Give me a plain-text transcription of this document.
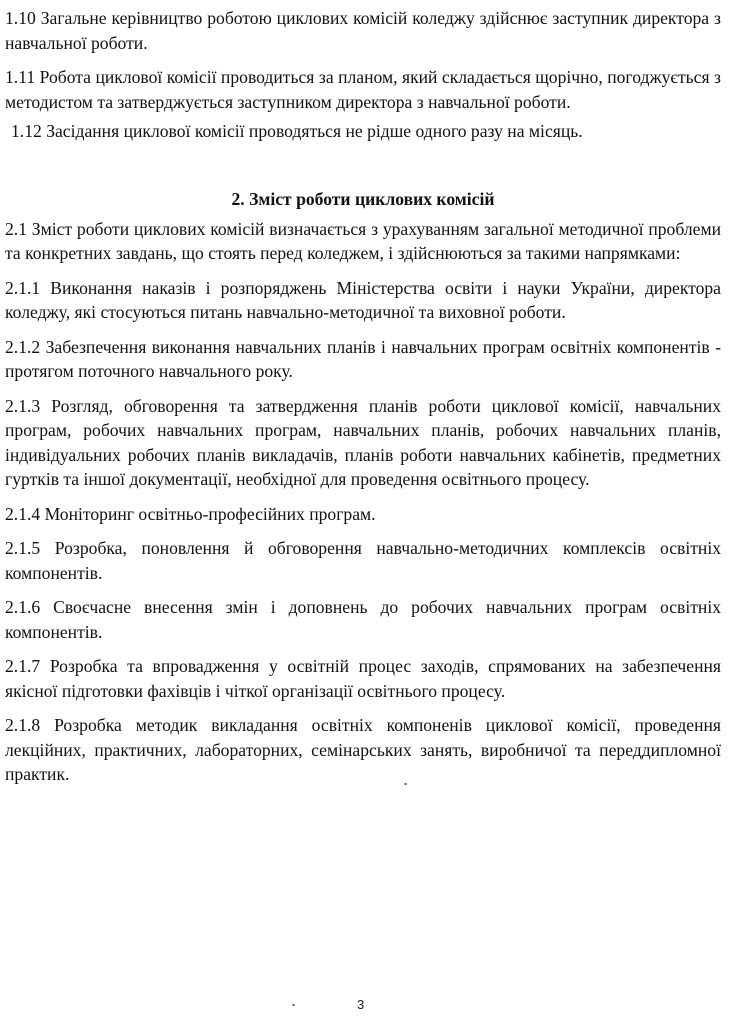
1.10 Загальне керівництво роботою циклових комісій коледжу здійснює заступник директора з навчальної роботи.

1.11 Робота циклової комісії проводиться за планом, який складається щорічно, погоджується з методистом та затверджується заступником директора з навчальної роботи.

1.12 Засідання циклової комісії проводяться не рідше одного разу на місяць.

2. Зміст роботи циклових комісій

2.1 Зміст роботи циклових комісій визначається з урахуванням загальної методичної проблеми та конкретних завдань, що стоять перед коледжем, і здійснюються за такими напрямками:

2.1.1 Виконання наказів і розпоряджень Міністерства освіти і науки України, директора коледжу, які стосуються питань навчально-методичної та виховної роботи.

2.1.2 Забезпечення виконання навчальних планів і навчальних програм освітніх компонентів - протягом поточного навчального року.

2.1.3 Розгляд, обговорення та затвердження планів роботи циклової комісії, навчальних програм, робочих навчальних програм, навчальних планів, робочих навчальних планів, індивідуальних робочих планів викладачів, планів роботи навчальних кабінетів, предметних гуртків та іншої документації, необхідної для проведення освітнього процесу.

2.1.4 Моніторинг освітньо-професійних програм.

2.1.5 Розробка, поновлення й обговорення навчально-методичних комплексів освітніх компонентів.

2.1.6 Своєчасне внесення змін і доповнень до робочих навчальних програм освітніх компонентів.

2.1.7 Розробка та впровадження у освітній процес заходів, спрямованих на забезпечення якісної підготовки фахівців і чіткої організації освітнього процесу.

2.1.8 Розробка методик викладання освітніх компоненів циклової комісії, проведення лекційних, практичних, лабораторних, семінарських занять, виробничої та переддипломної практик.

3
